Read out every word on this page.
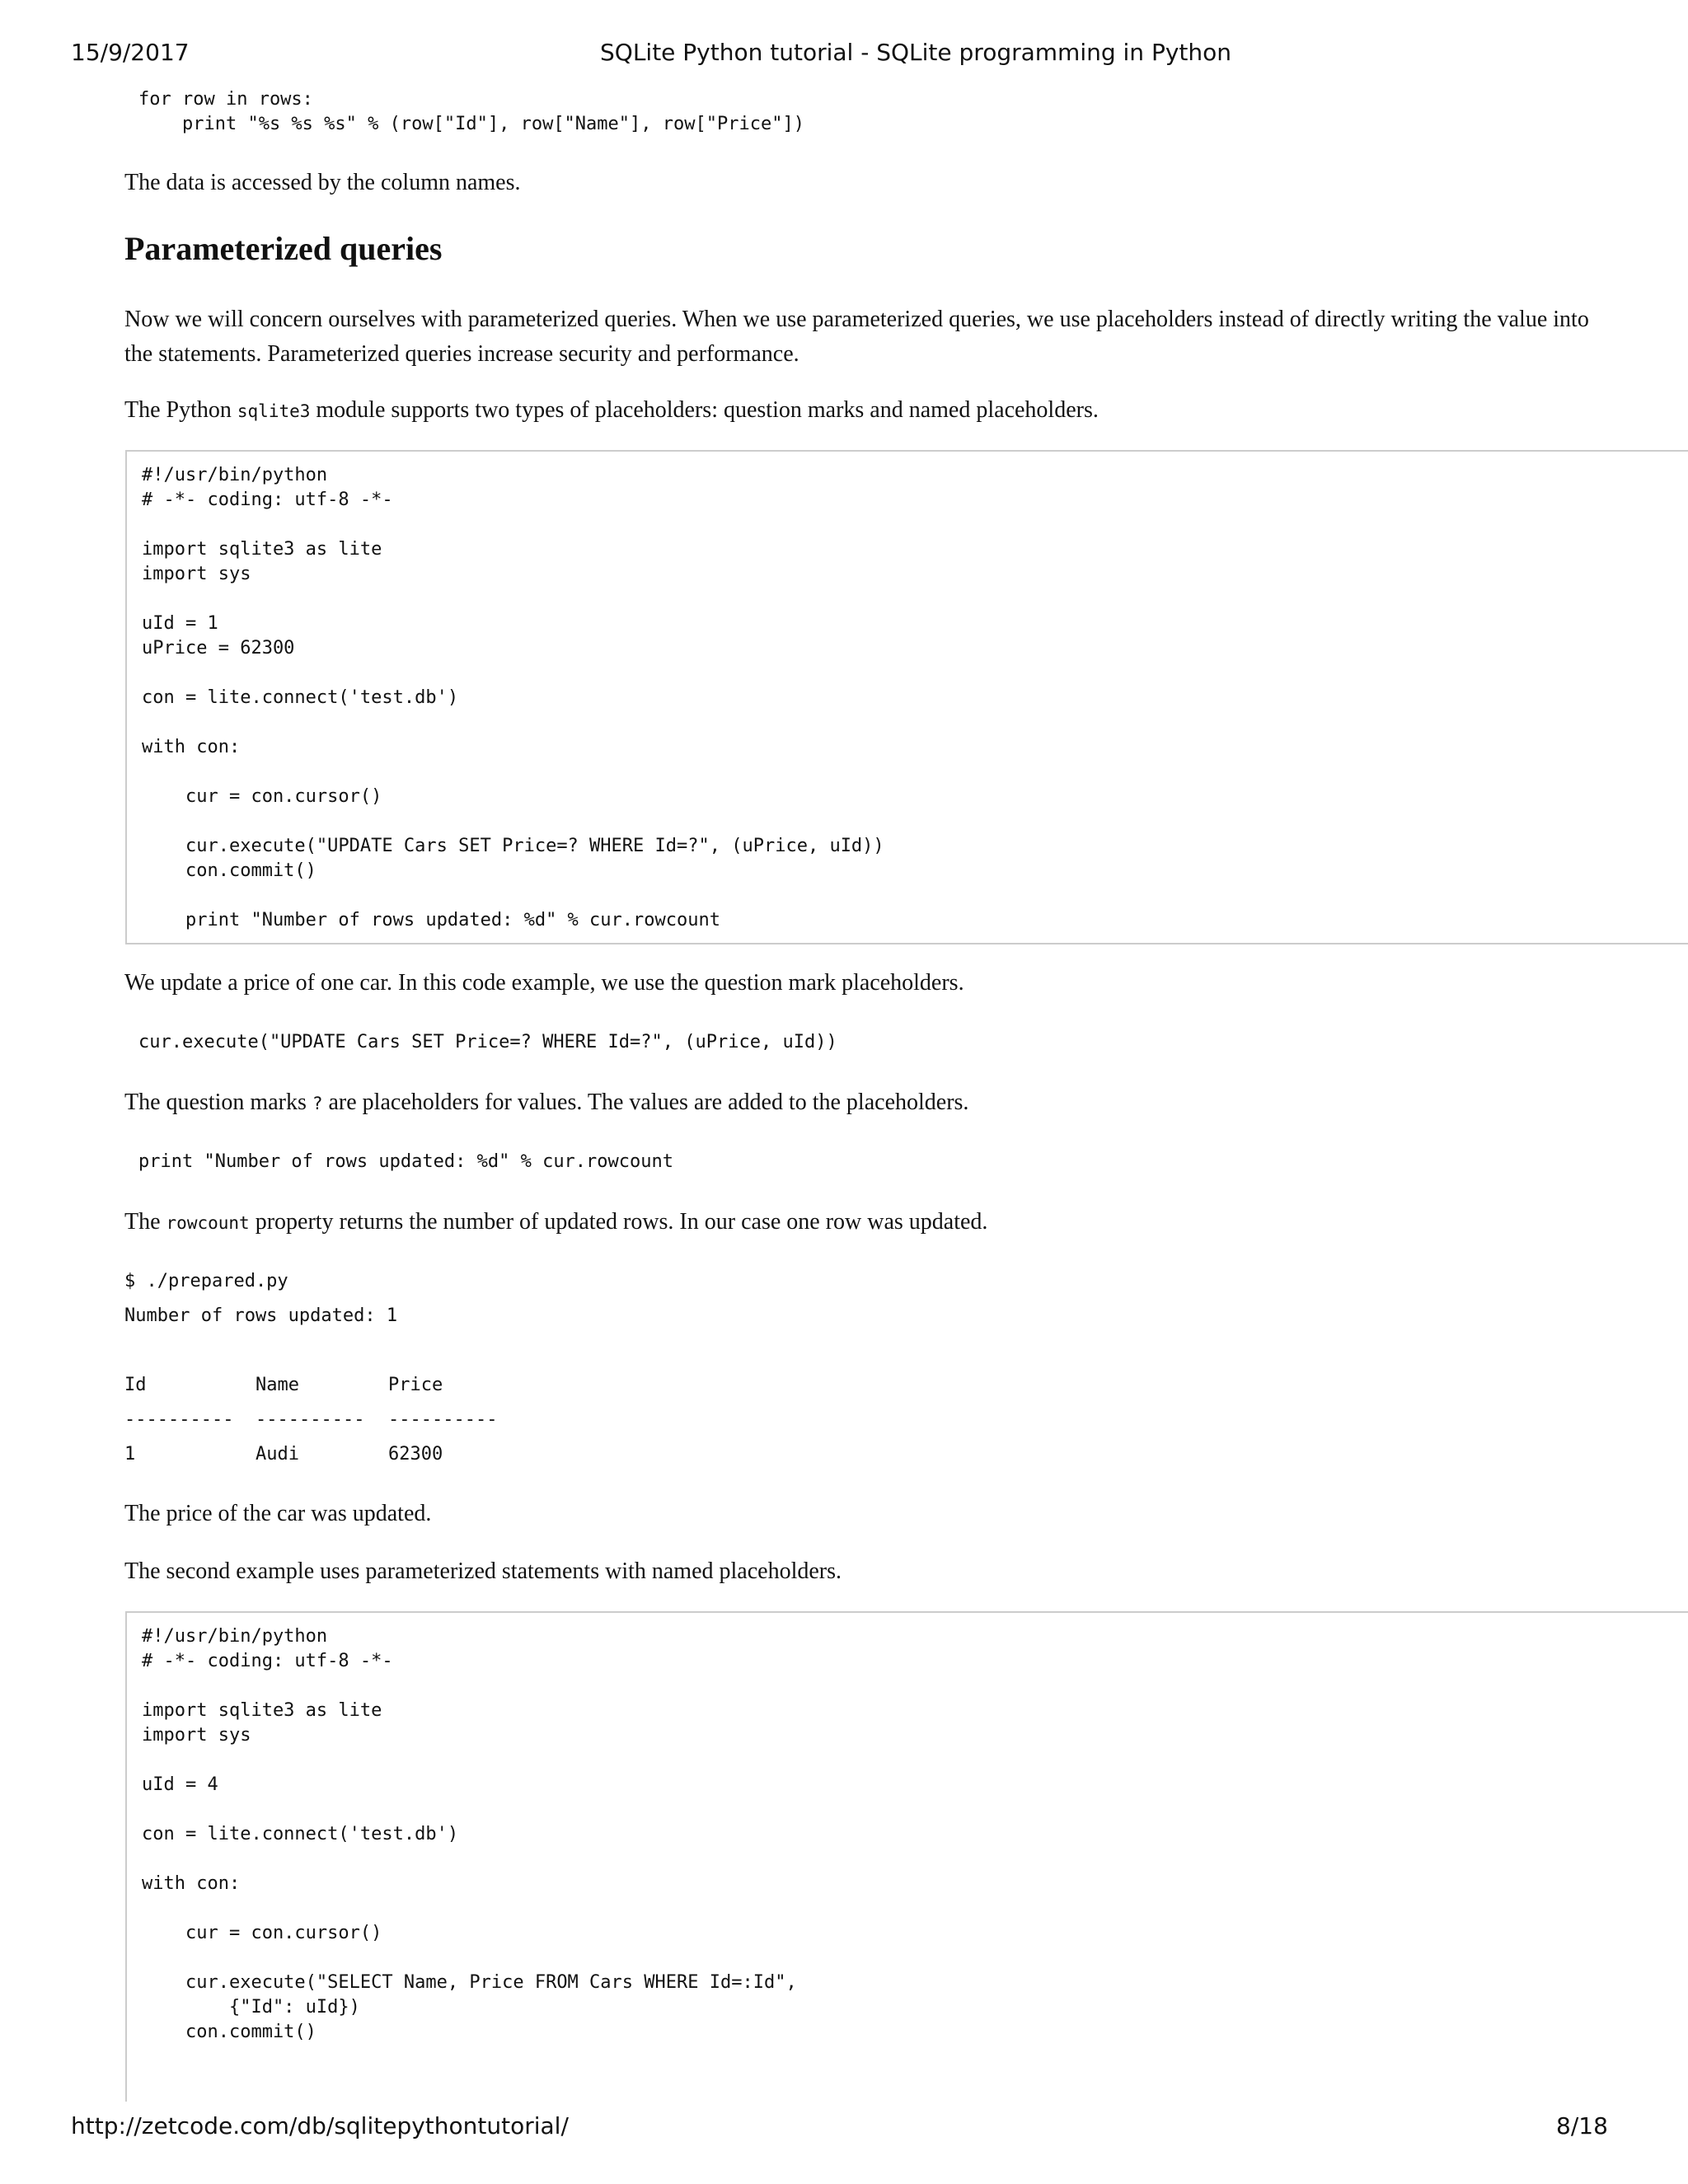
15/9/2017	SQLite Python tutorial - SQLite programming in Python
for row in rows:
print "%s %s %s" % (row["Id"], row["Name"], row["Price"])
The data is accessed by the column names.
Parameterized queries
Now we will concern ourselves with parameterized queries. When we use parameterized queries, we use placeholders instead of directly writing the value into the statements. Parameterized queries increase security and performance.
The Python sqlite3 module supports two types of placeholders: question marks and named placeholders.
#!/usr/bin/python
# -*- coding: utf-8 -*-

import sqlite3 as lite
import sys

uId = 1
uPrice = 62300

con = lite.connect('test.db')

with con:

cur = con.cursor()

cur.execute("UPDATE Cars SET Price=? WHERE Id=?", (uPrice, uId))
con.commit()

print "Number of rows updated: %d" % cur.rowcount
We update a price of one car. In this code example, we use the question mark placeholders.
cur.execute("UPDATE Cars SET Price=? WHERE Id=?", (uPrice, uId))
The question marks ? are placeholders for values. The values are added to the placeholders.
print "Number of rows updated: %d" % cur.rowcount
The rowcount property returns the number of updated rows. In our case one row was updated.
$ ./prepared.py
Number of rows updated: 1
Id	Name	Price
---------- ---------- ----------
1	Audi	62300
The price of the car was updated.
The second example uses parameterized statements with named placeholders.
#!/usr/bin/python
# -*- coding: utf-8 -*-

import sqlite3 as lite
import sys

uId = 4

con = lite.connect('test.db')

with con:

cur = con.cursor()

cur.execute("SELECT Name, Price FROM Cars WHERE Id=:Id",
{"Id": uId})
con.commit()
http://zetcode.com/db/sqlitepythontutorial/	8/18
